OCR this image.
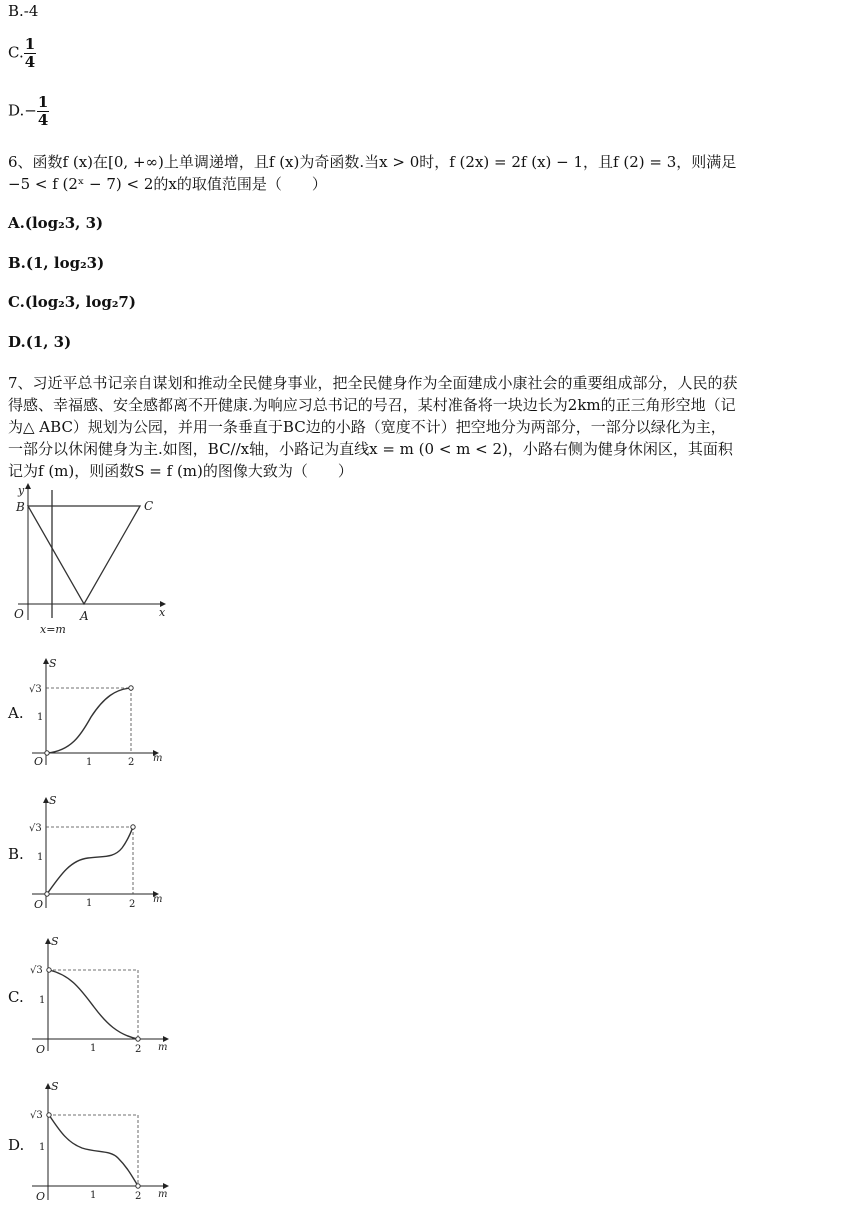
B.-4
C. $\frac{1}{4}$
$D.- \frac{1}{4}$
6、函数f (x)在[0, +∞)上单调递增，且f (x)为奇函数.当x > 0时，f (2x) = 2f (x) − 1，且f (2) = 3，则满足
−5 < f (2ˣ − 7) < 2的x的取值范围是（　　）
A.(log₂3, 3)
B.(1, log₂3)
C.(log₂3, log₂7)
D.(1, 3)
7、习近平总书记亲自谋划和推动全民健身事业，把全民健身作为全面建成小康社会的重要组成部分，人民的获
得感、幸福感、安全感都离不开健康.为响应习总书记的号召，某村准备将一块边长为2km的正三角形空地（记
为△ ABC）规划为公园，并用一条垂直于BC边的小路（宽度不计）把空地分为两部分，一部分以绿化为主，
一部分以休闲健身为主.如图，BC//x轴，小路记为直线x = m (0 < m < 2)，小路右侧为健身休闲区，其面积
记为f (m)，则函数S = f (m)的图像大致为（　　）
y
B	C
O	A	x
x=m
A.
S
√3
1
O	1	2 m
B.
S
√3
1
O	1	2 m
C.
S
√3
1
O	1	2 m
D.
S
√3
1
O	1	2 m
